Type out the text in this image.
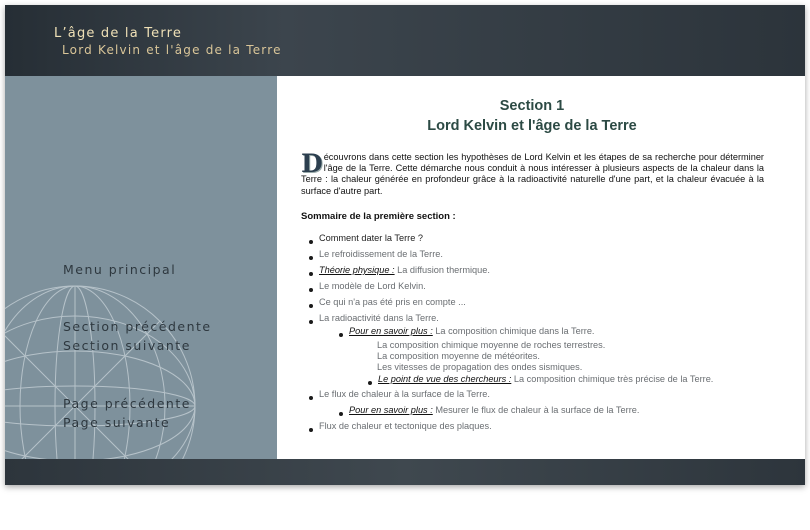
L’âge de la Terre
Lord Kelvin et l'âge de la Terre
Menu principal
Section précédente
Section suivante
Page précédente
Page suivante
Section 1
Lord Kelvin et l'âge de la Terre
Découvrons dans cette section les hypothèses de Lord Kelvin et les étapes de sa recherche pour déterminer l'âge de la Terre. Cette démarche nous conduit à nous intéresser à plusieurs aspects de la chaleur dans la Terre : la chaleur générée en profondeur grâce à la radioactivité naturelle d'une part, et la chaleur évacuée à la surface d'autre part.
Sommaire de la première section :
Comment dater la Terre ?
Le refroidissement de la Terre.
Théorie physique : La diffusion thermique.
Le modèle de Lord Kelvin.
Ce qui n'a pas été pris en compte ...
La radioactivité dans la Terre.
Pour en savoir plus : La composition chimique dans la Terre.
La composition chimique moyenne de roches terrestres.
La composition moyenne de météorites.
Les vitesses de propagation des ondes sismiques.
Le point de vue des chercheurs : La composition chimique très précise de la Terre.
Le flux de chaleur à la surface de la Terre.
Pour en savoir plus : Mesurer le flux de chaleur à la surface de la Terre.
Flux de chaleur et tectonique des plaques.
